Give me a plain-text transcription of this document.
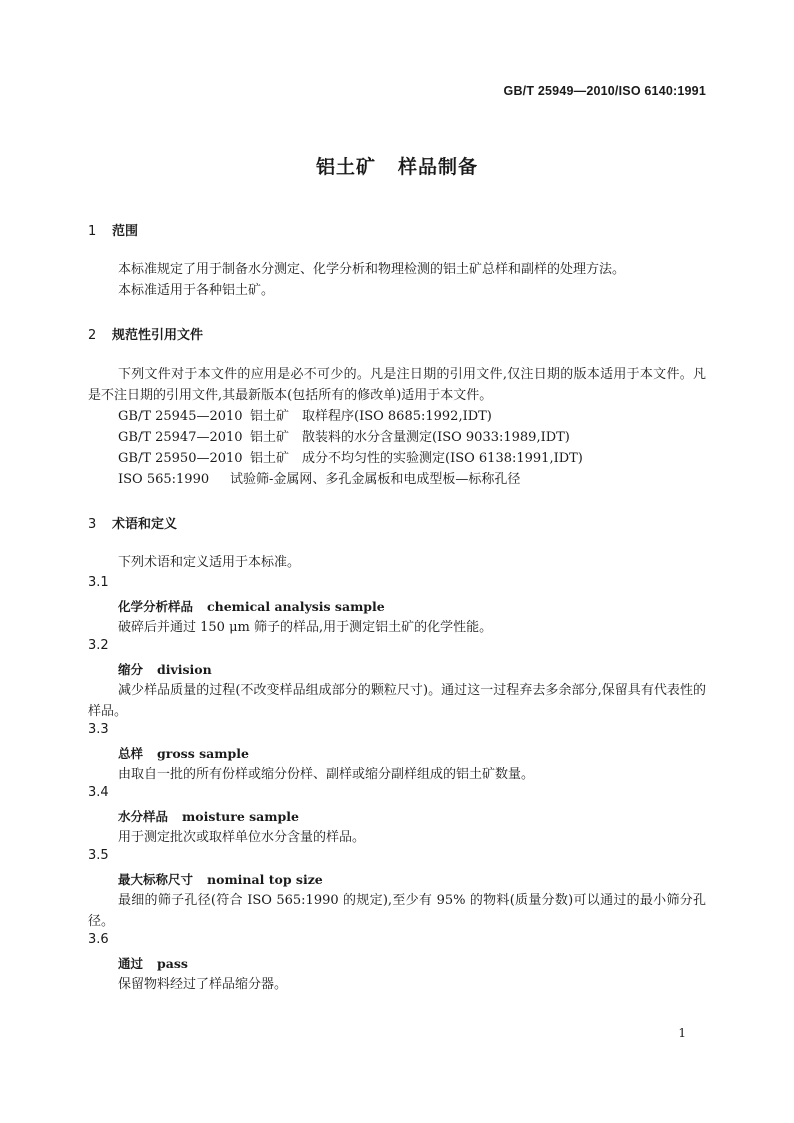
GB/T 25949—2010/ISO 6140:1991
铝土矿 样品制备
1 范围
本标准规定了用于制备水分测定、化学分析和物理检测的铝土矿总样和副样的处理方法。
本标准适用于各种铝土矿。
2 规范性引用文件
下列文件对于本文件的应用是必不可少的。凡是注日期的引用文件,仅注日期的版本适用于本文件。凡是不注日期的引用文件,其最新版本(包括所有的修改单)适用于本文件。
GB/T 25945—2010 铝土矿　取样程序(ISO 8685:1992,IDT)
GB/T 25947—2010 铝土矿　散装料的水分含量测定(ISO 9033:1989,IDT)
GB/T 25950—2010 铝土矿　成分不均匀性的实验测定(ISO 6138:1991,IDT)
ISO 565:1990 试验筛-金属网、多孔金属板和电成型板—标称孔径
3 术语和定义
下列术语和定义适用于本标准。
3.1
化学分析样品 chemical analysis sample
破碎后并通过 150 μm 筛子的样品,用于测定铝土矿的化学性能。
3.2
缩分 division
减少样品质量的过程(不改变样品组成部分的颗粒尺寸)。通过这一过程弃去多余部分,保留具有代表性的样品。
3.3
总样 gross sample
由取自一批的所有份样或缩分份样、副样或缩分副样组成的铝土矿数量。
3.4
水分样品 moisture sample
用于测定批次或取样单位水分含量的样品。
3.5
最大标称尺寸 nominal top size
最细的筛子孔径(符合 ISO 565:1990 的规定),至少有 95% 的物料(质量分数)可以通过的最小筛分孔径。
3.6
通过 pass
保留物料经过了样品缩分器。
1
